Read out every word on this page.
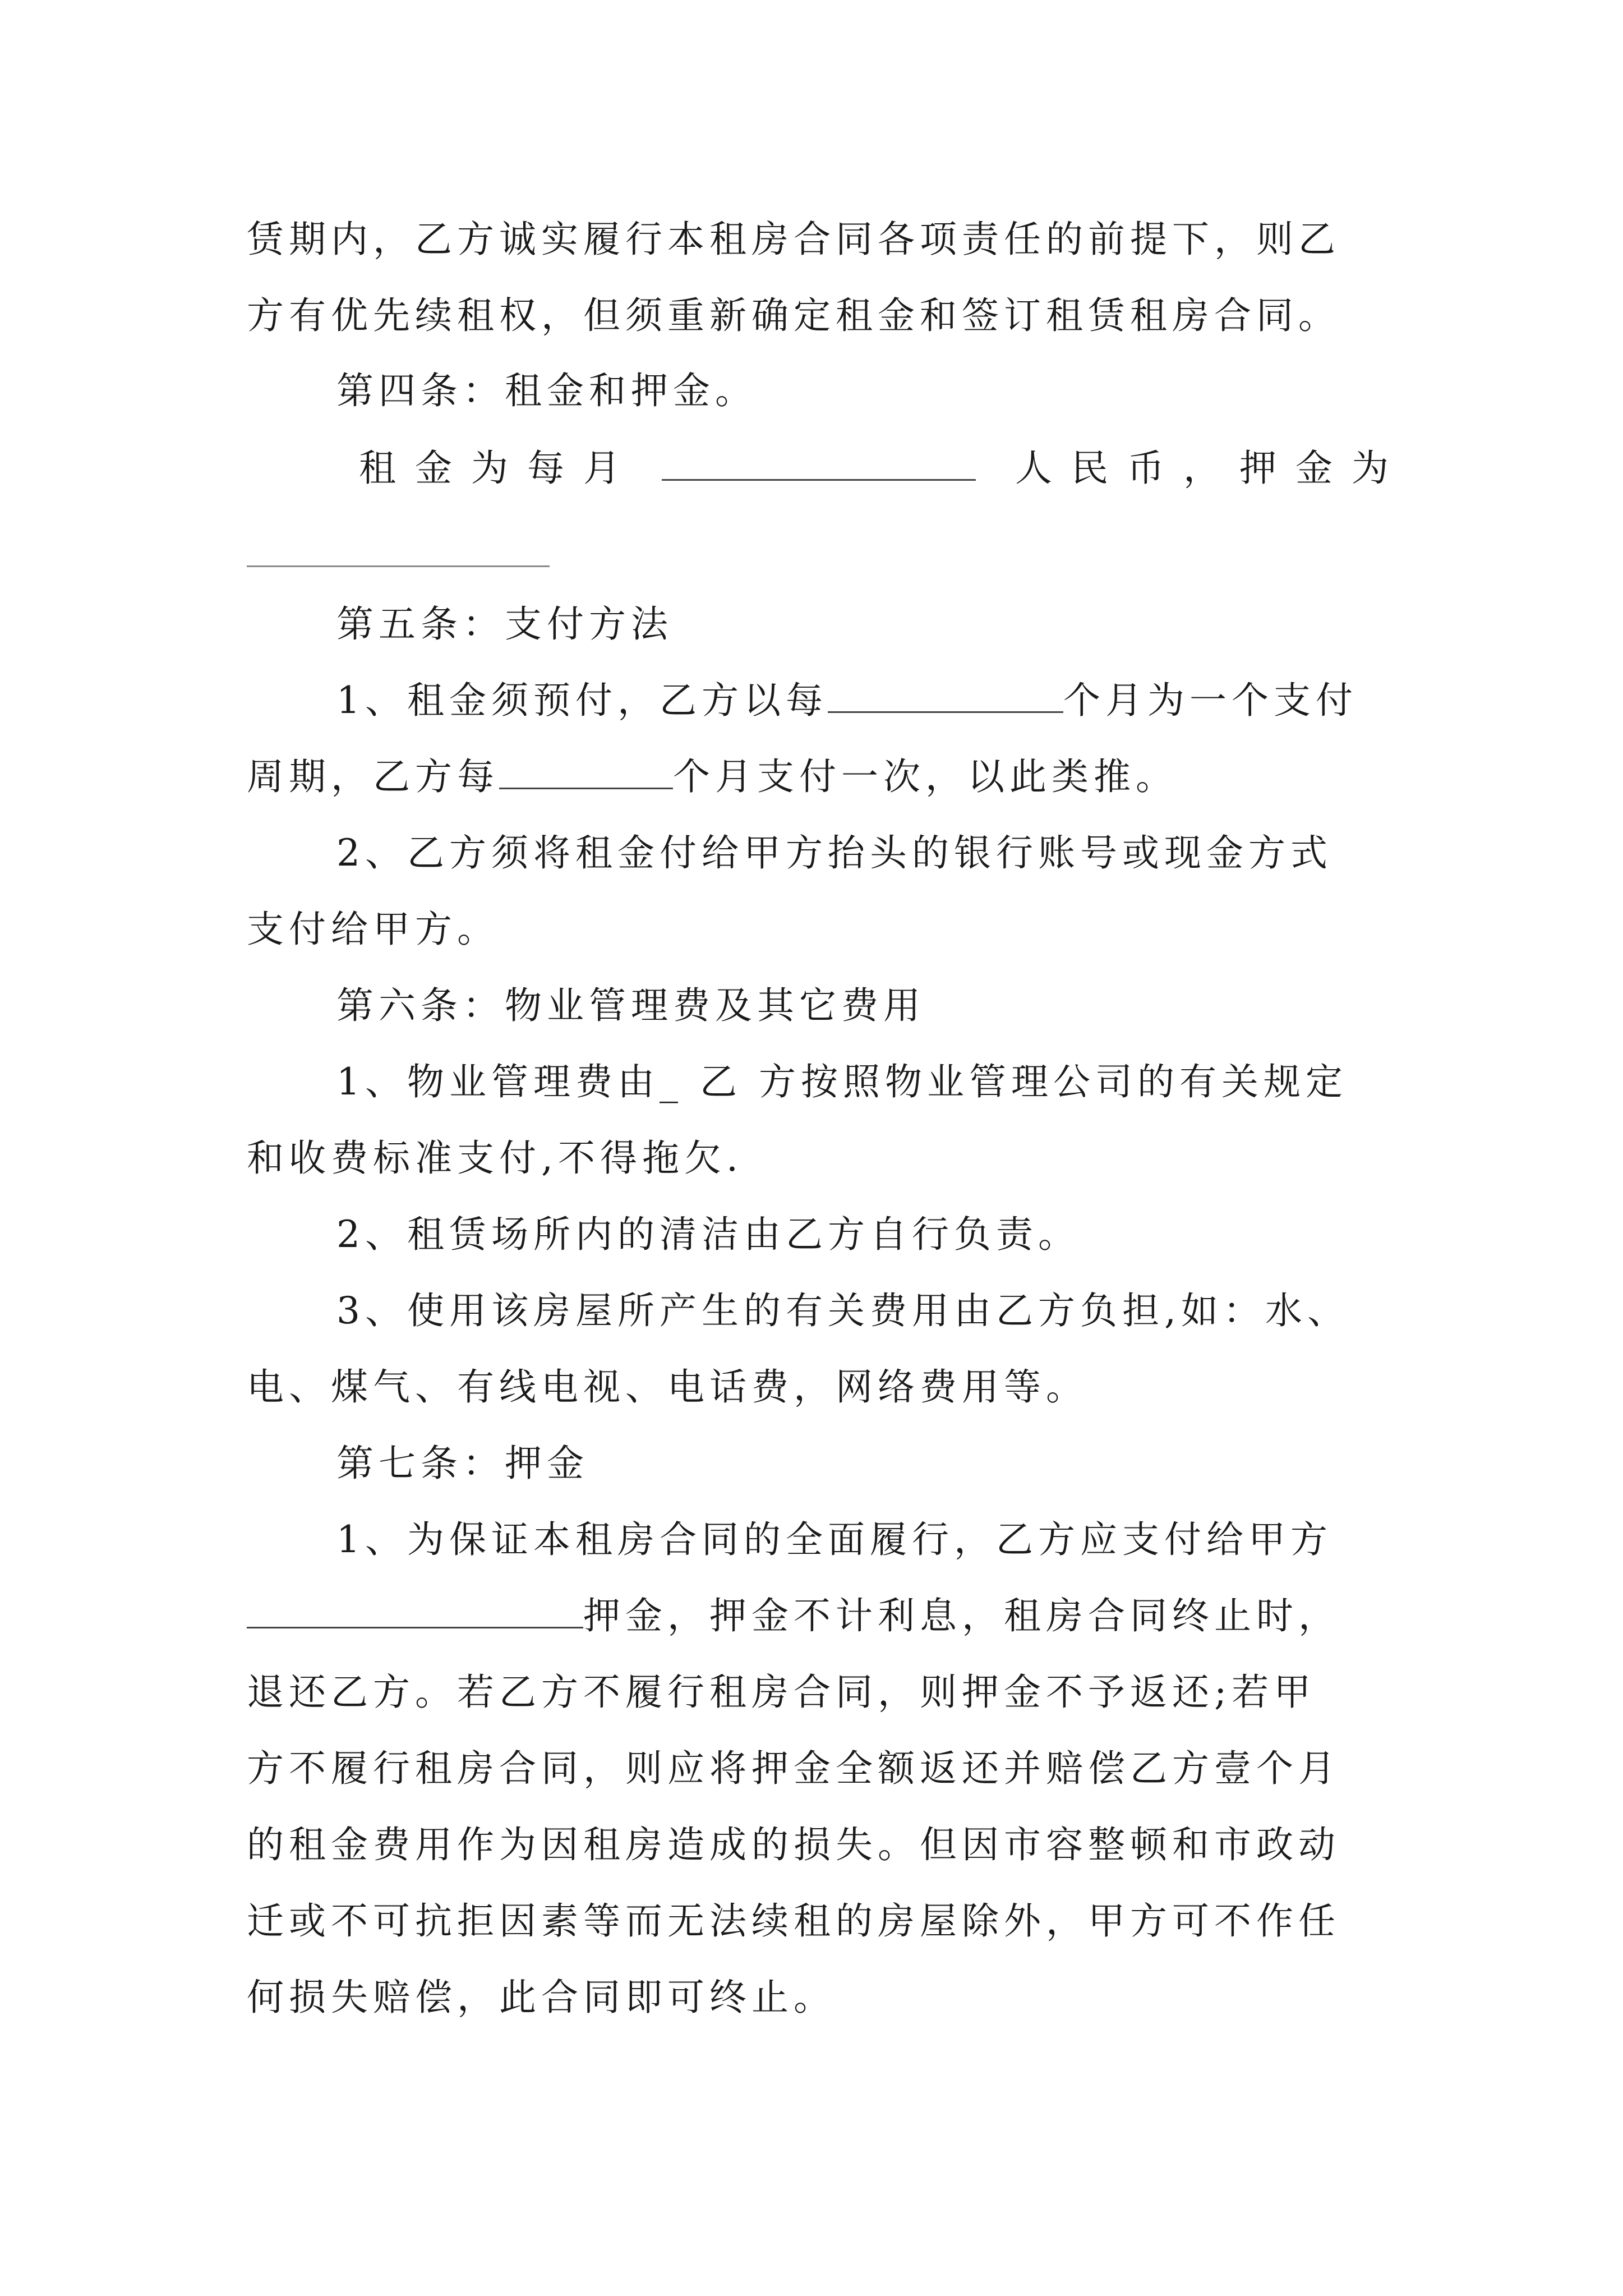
赁期内，乙方诚实履行本租房合同各项责任的前提下，则乙
方有优先续租权，但须重新确定租金和签订租赁租房合同。
第四条：租金和押金。
租金为每月	人民币，押金为
第五条：支付方法
1、租金须预付，乙方以每	个月为一个支付
周期，乙方每	个月支付一次，以此类推。
2、乙方须将租金付给甲方抬头的银行账号或现金方式
支付给甲方。
第六条：物业管理费及其它费用
1、物业管理费由_ 乙 方按照物业管理公司的有关规定
和收费标准支付,不得拖欠.
2、租赁场所内的清洁由乙方自行负责。
3、使用该房屋所产生的有关费用由乙方负担,如：水、
电、煤气、有线电视、电话费，网络费用等。
第七条：押金
1、为保证本租房合同的全面履行，乙方应支付给甲方
押金，押金不计利息，租房合同终止时，
退还乙方。若乙方不履行租房合同，则押金不予返还;若甲
方不履行租房合同，则应将押金全额返还并赔偿乙方壹个月
的租金费用作为因租房造成的损失。但因市容整顿和市政动
迁或不可抗拒因素等而无法续租的房屋除外，甲方可不作任
何损失赔偿，此合同即可终止。
